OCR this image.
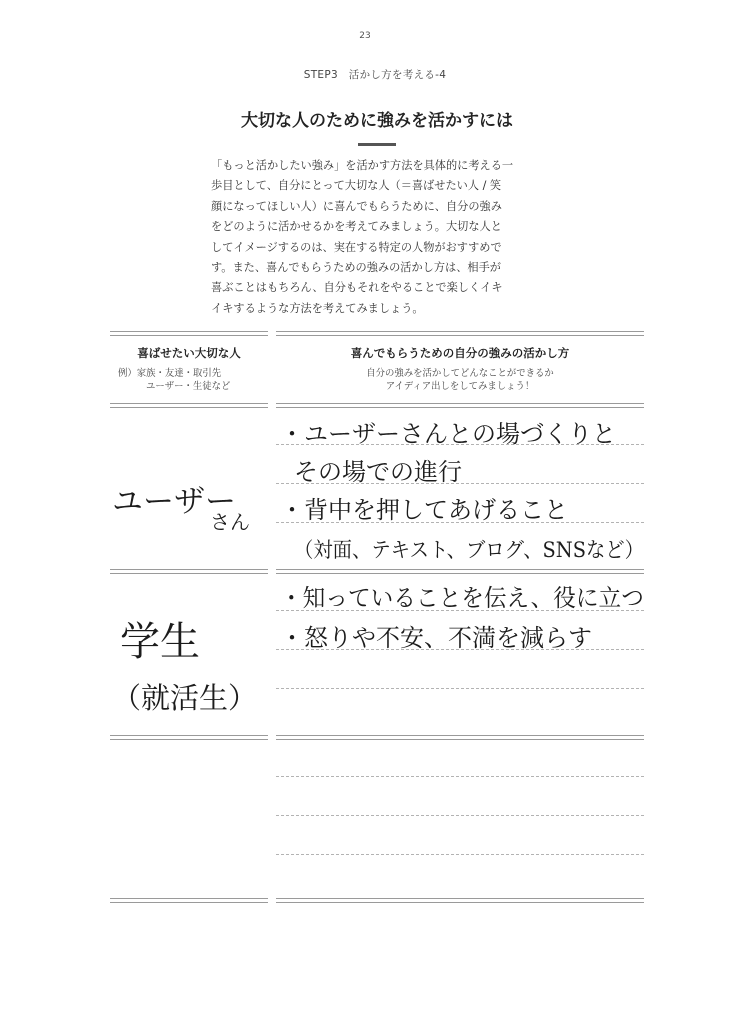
23
STEP3　活かし方を考える-4
大切な人のために強みを活かすには
「もっと活かしたい強み」を活かす方法を具体的に考える一
歩目として、自分にとって大切な人（＝喜ばせたい人 / 笑
顔になってほしい人）に喜んでもらうために、自分の強み
をどのように活かせるかを考えてみましょう。大切な人と
してイメージするのは、実在する特定の人物がおすすめで
す。また、喜んでもらうための強みの活かし方は、相手が
喜ぶことはもちろん、自分もそれをやることで楽しくイキ
イキするような方法を考えてみましょう。
喜ばせたい大切な人
例）家族・友達・取引先
ユーザー・生徒など
喜んでもらうための自分の強みの活かし方
自分の強みを活かしてどんなことができるか
アイディア出しをしてみましょう！
ユーザー
さん
・ユーザーさんとの場づくりと
その場での進行
・背中を押してあげること
（対面、テキスト、ブログ、SNSなど）
学生
（就活生）
・知っていることを伝え、役に立つ
・怒りや不安、不満を減らす
